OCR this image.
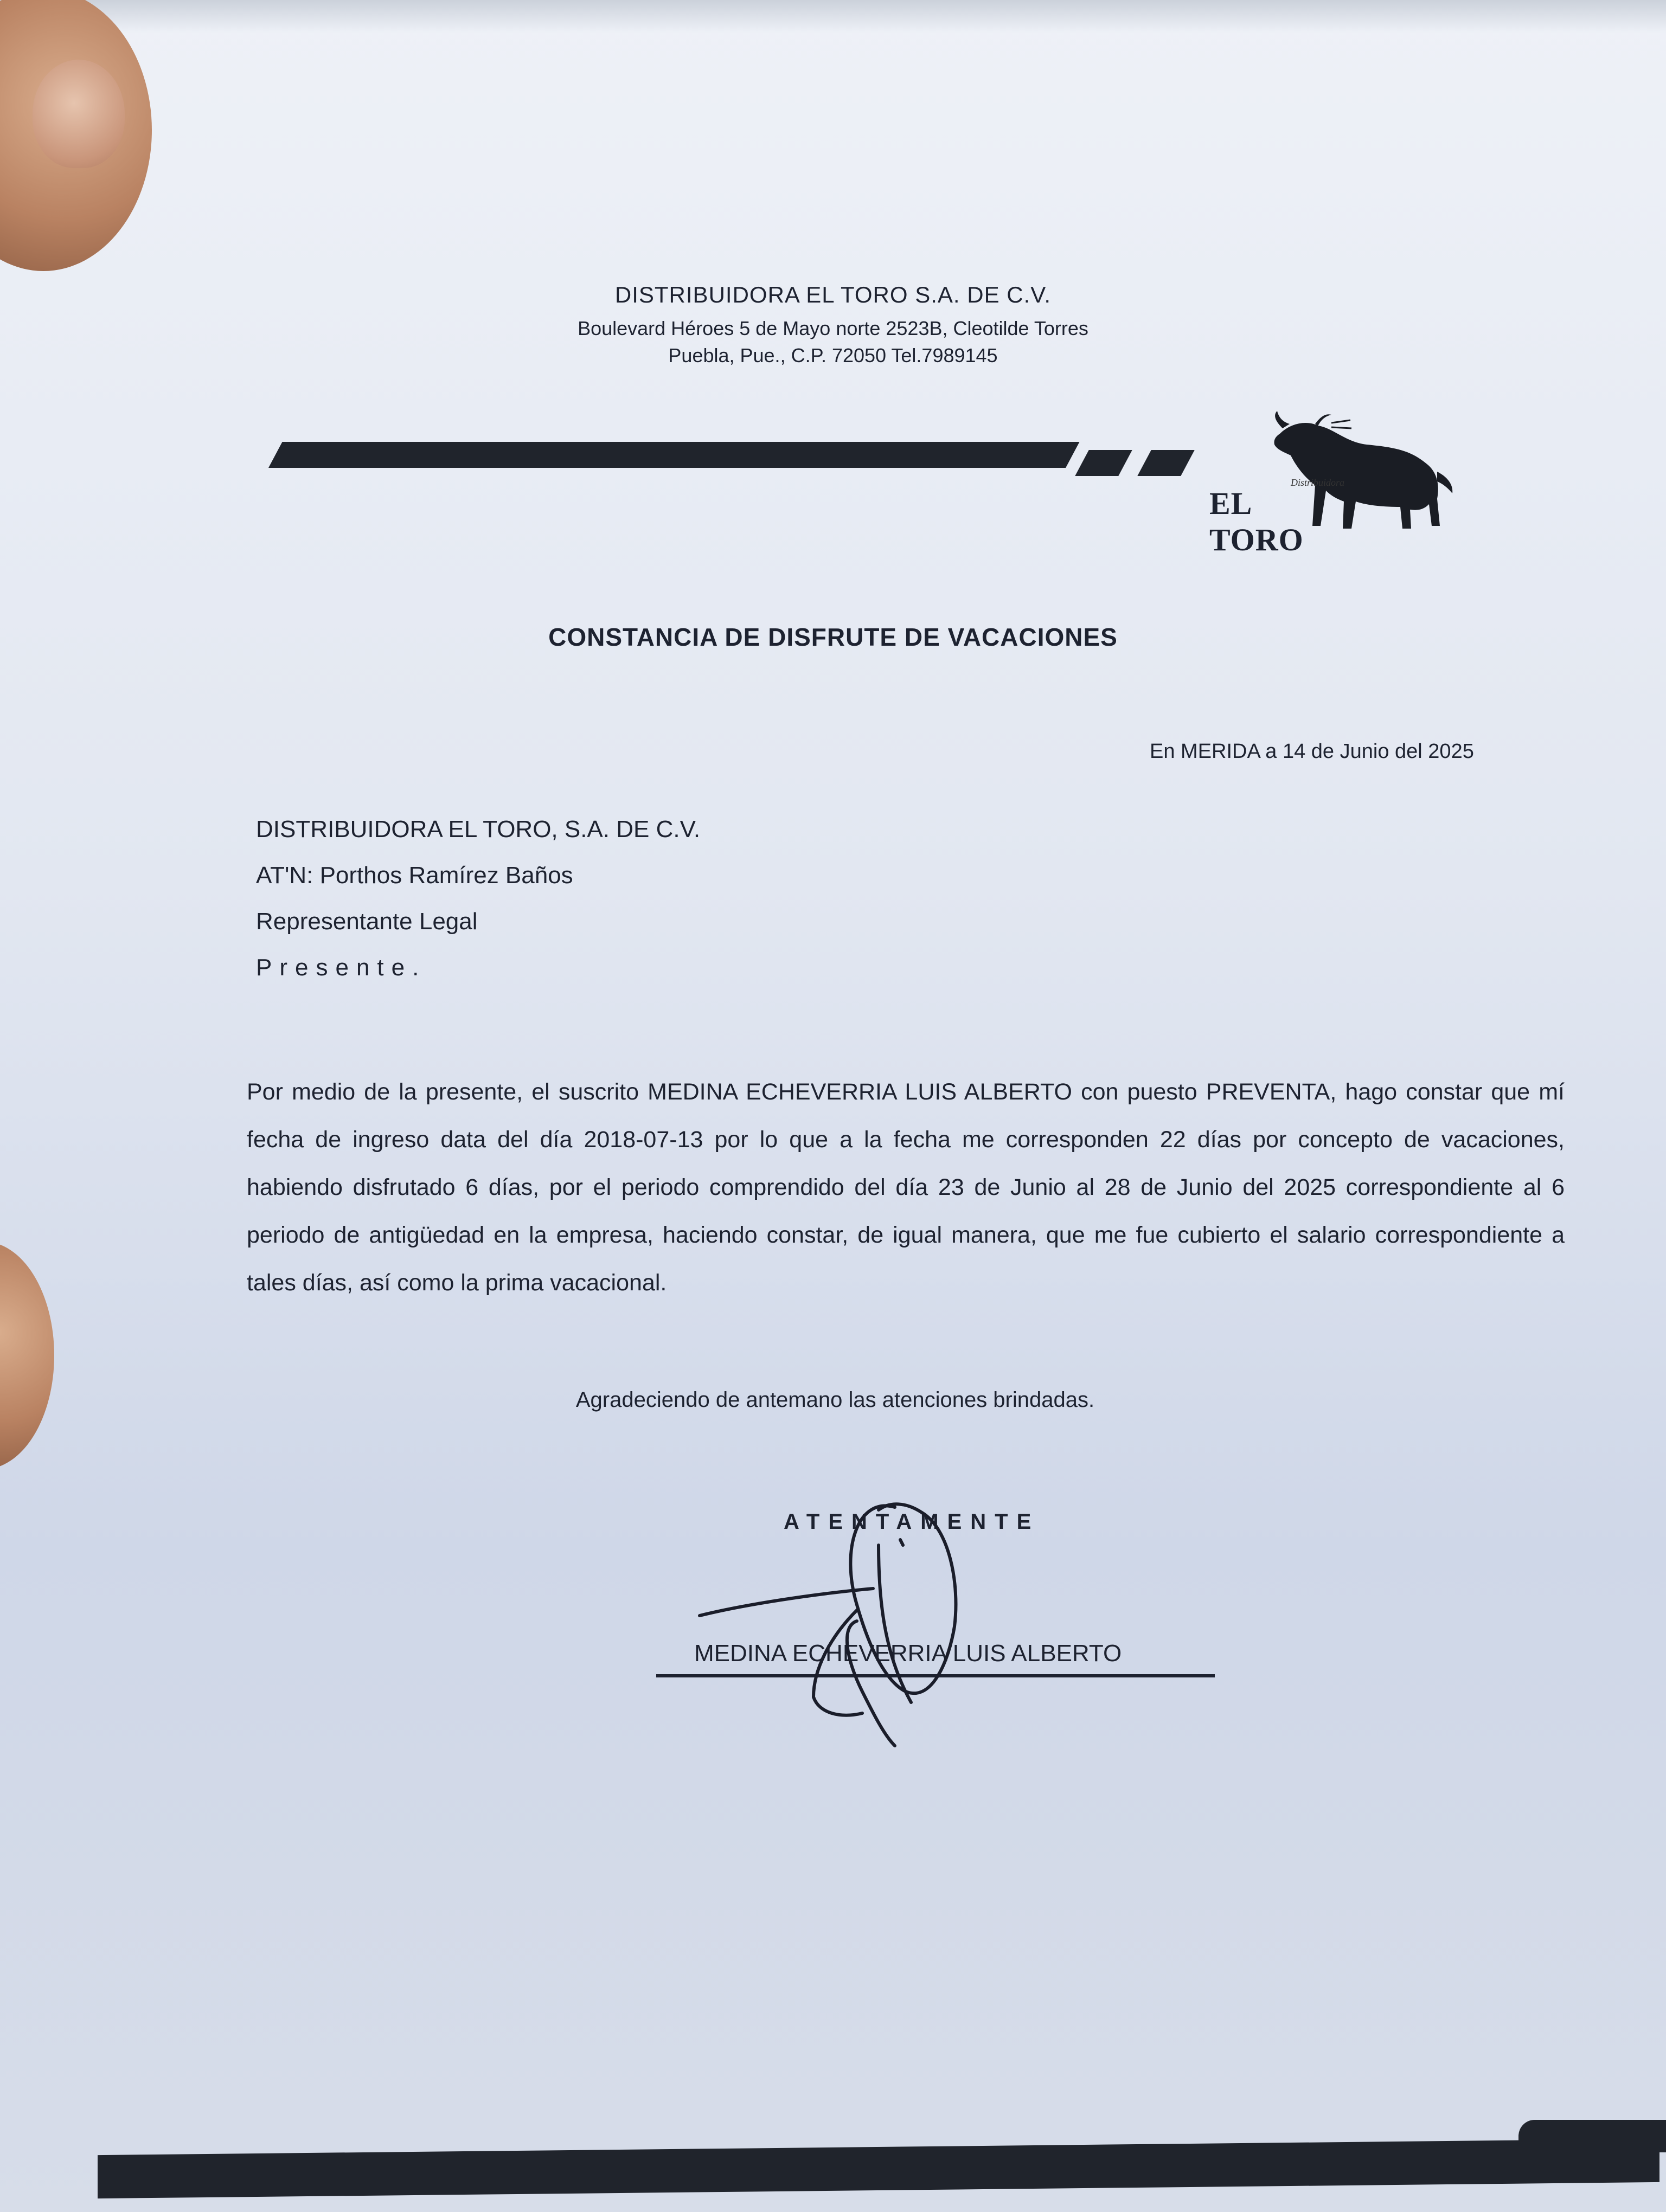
DISTRIBUIDORA EL TORO S.A. DE C.V.
Boulevard Héroes 5 de Mayo norte 2523B, Cleotilde Torres
Puebla, Pue., C.P. 72050 Tel.7989145
Distribuidora
EL TORO
CONSTANCIA DE DISFRUTE DE VACACIONES
En MERIDA a 14 de Junio del 2025
DISTRIBUIDORA EL TORO, S.A. DE C.V.
AT'N: Porthos Ramírez Baños
Representante Legal
Presente.
Por medio de la presente, el suscrito MEDINA ECHEVERRIA LUIS ALBERTO con puesto PREVENTA, hago constar que mí fecha de ingreso data del día 2018-07-13 por lo que a la fecha me corresponden 22 días por concepto de vacaciones, habiendo disfrutado 6 días, por el periodo comprendido del día 23 de Junio al 28 de Junio del 2025 correspondiente al 6 periodo de antigüedad en la empresa, haciendo constar, de igual manera, que me fue cubierto el salario correspondiente a tales días, así como la prima vacacional.
Agradeciendo de antemano las atenciones brindadas.
ATENTAMENTE
MEDINA ECHEVERRIA LUIS ALBERTO
